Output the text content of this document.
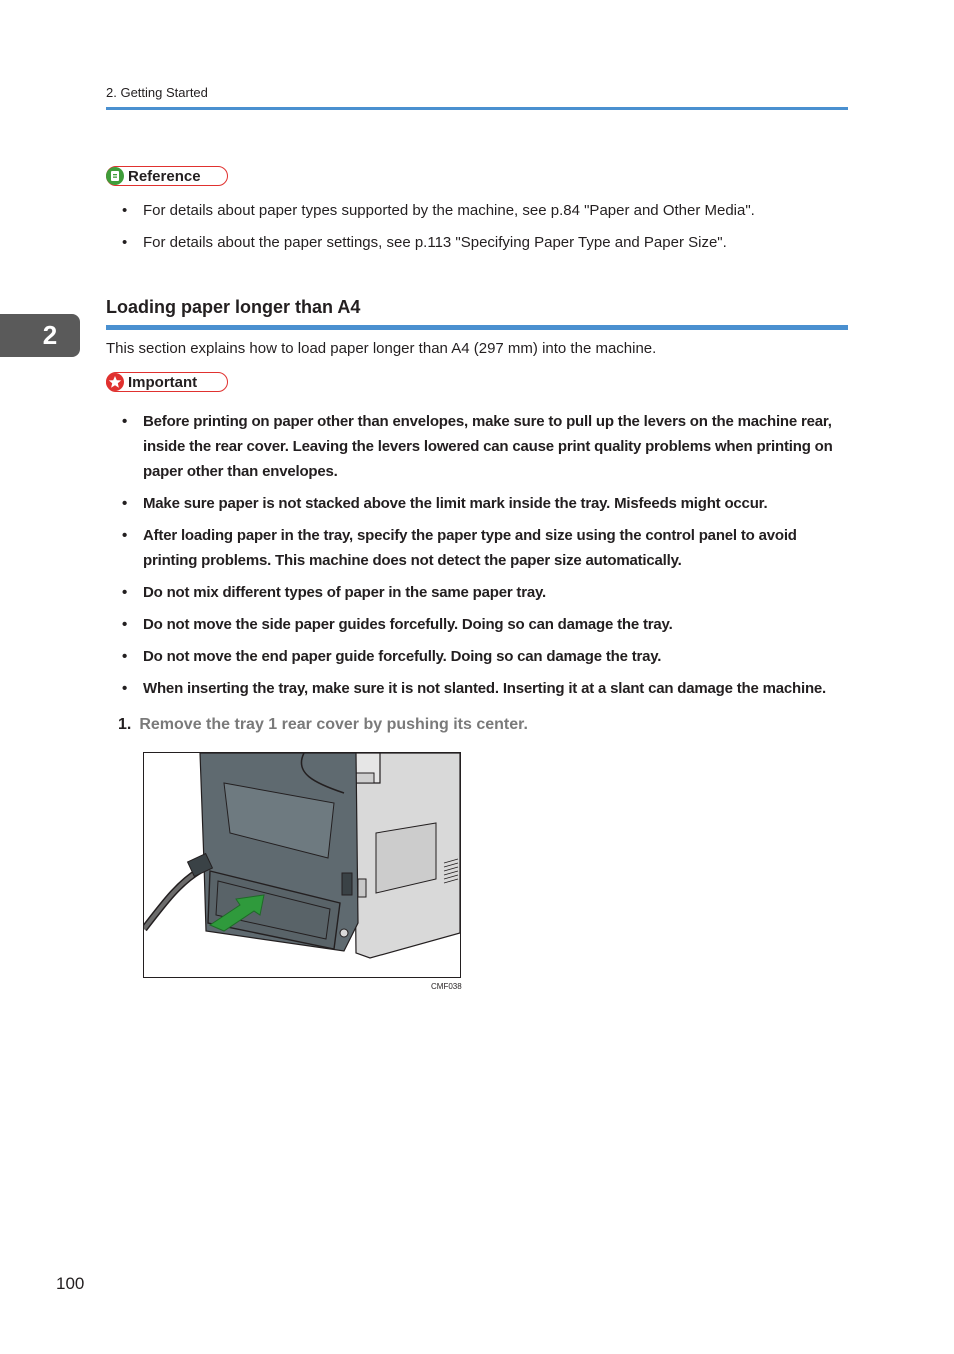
2. Getting Started
2
Reference
• For details about paper types supported by the machine, see p.84 "Paper and Other Media".
• For details about the paper settings, see p.113 "Specifying Paper Type and Paper Size".
Loading paper longer than A4
This section explains how to load paper longer than A4 (297 mm) into the machine.
Important
• Before printing on paper other than envelopes, make sure to pull up the levers on the machine rear, inside the rear cover. Leaving the levers lowered can cause print quality problems when printing on paper other than envelopes.
• Make sure paper is not stacked above the limit mark inside the tray. Misfeeds might occur.
• After loading paper in the tray, specify the paper type and size using the control panel to avoid printing problems. This machine does not detect the paper size automatically.
• Do not mix different types of paper in the same paper tray.
• Do not move the side paper guides forcefully. Doing so can damage the tray.
• Do not move the end paper guide forcefully. Doing so can damage the tray.
• When inserting the tray, make sure it is not slanted. Inserting it at a slant can damage the machine.
1. Remove the tray 1 rear cover by pushing its center.
CMF038
100
